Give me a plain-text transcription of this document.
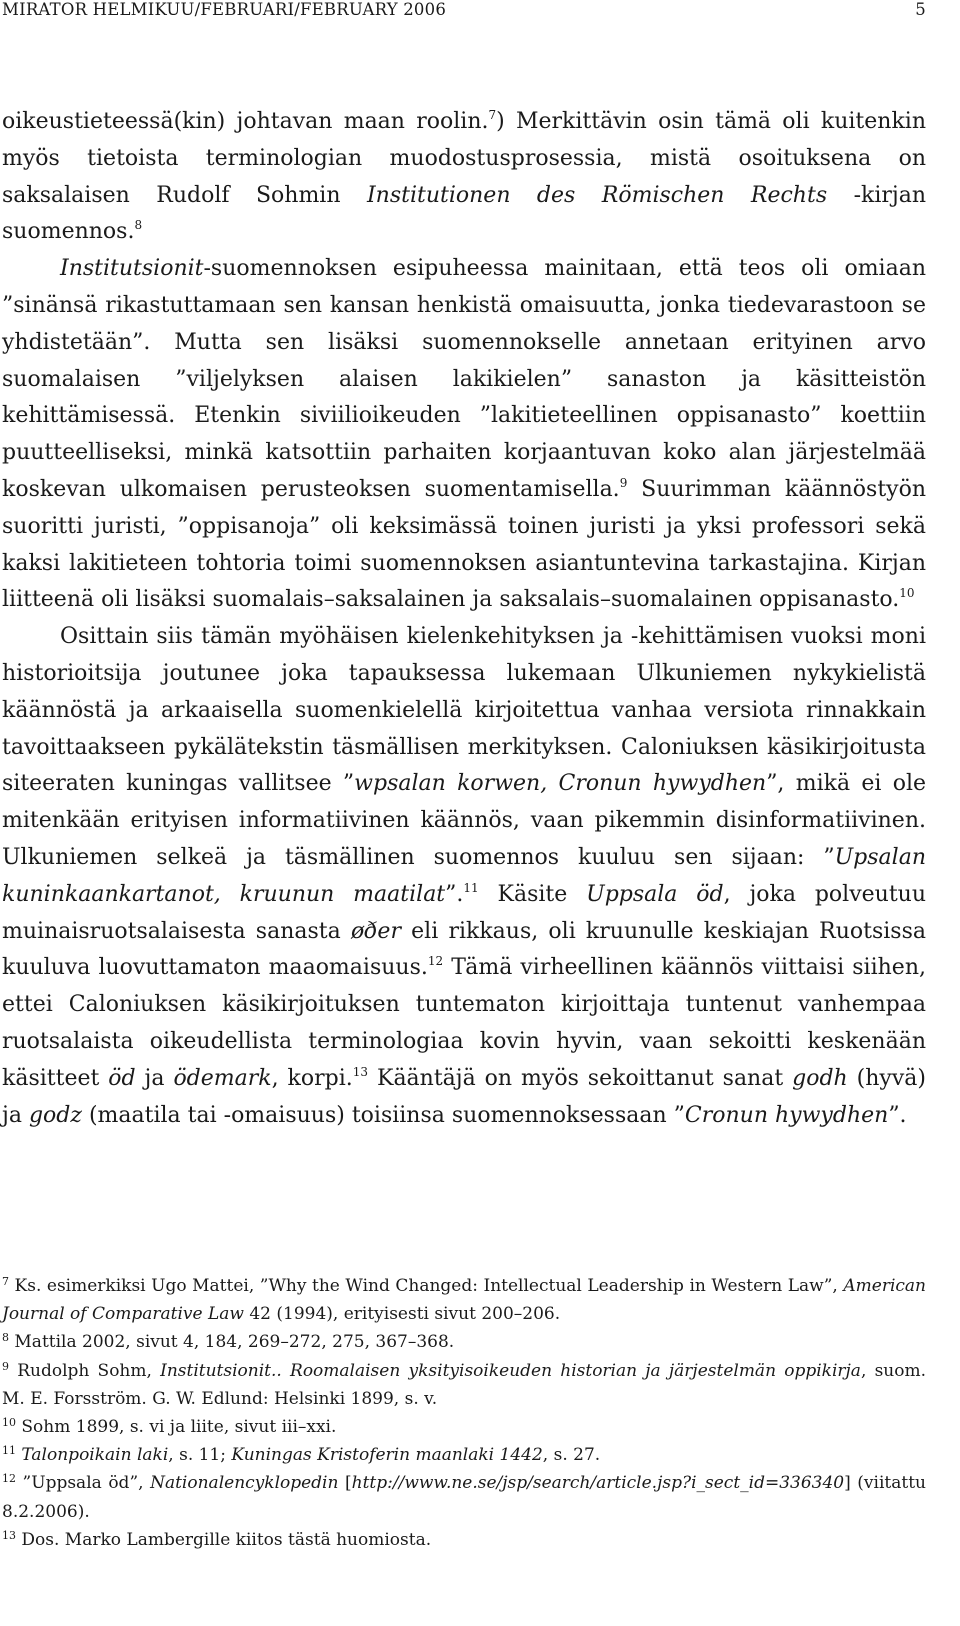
MIRATOR HELMIKUU/FEBRUARI/FEBRUARY 2006	5

oikeustieteessä(kin) johtavan maan roolin.$^7$) Merkittävin osin tämä oli kuitenkin myös tietoista terminologian muodostusprosessia, mistä osoituksena on saksalaisen Rudolf Sohmin Institutionen des Römischen Rechts -kirjan suomennos.$^8$

Institutsionit-suomennoksen esipuheessa mainitaan, että teos oli omiaan ”sinänsä rikastuttamaan sen kansan henkistä omaisuutta, jonka tiedevarastoon se yhdistetään”. Mutta sen lisäksi suomennokselle annetaan erityinen arvo suomalaisen ”viljelyksen alaisen lakikielen” sanaston ja käsitteistön kehittämisessä. Etenkin siviilioikeuden ”lakitieteellinen oppisanasto” koettiin puutteelliseksi, minkä katsottiin parhaiten korjaantuvan koko alan järjestelmää koskevan ulkomaisen perusteoksen suomentamisella.$^9$ Suurimman käännöstyön suoritti juristi, ”oppisanoja” oli keksimässä toinen juristi ja yksi professori sekä kaksi lakitieteen tohtoria toimi suomennoksen asiantuntevina tarkastajina. Kirjan liitteenä oli lisäksi suomalais–saksalainen ja saksalais–suomalainen oppisanasto.$^{10}$

Osittain siis tämän myöhäisen kielenkehityksen ja -kehittämisen vuoksi moni historioitsija joutunee joka tapauksessa lukemaan Ulkuniemen nykykielistä käännöstä ja arkaaisella suomenkielellä kirjoitettua vanhaa versiota rinnakkain tavoittaakseen pykälätekstin täsmällisen merkityksen. Caloniuksen käsikirjoitusta siteeraten kuningas vallitsee ”wpsalan korwen, Cronun hywydhen”, mikä ei ole mitenkään erityisen informatiivinen käännös, vaan pikemmin disinformatiivinen. Ulkuniemen selkeä ja täsmällinen suomennos kuuluu sen sijaan: ”Upsalan kuninkaankartanot, kruunun maatilat”.$^{11}$ Käsite Uppsala öd, joka polveutuu muinaisruotsalaisesta sanasta øðer eli rikkaus, oli kruunulle keskiajan Ruotsissa kuuluva luovuttamaton maaomaisuus.$^{12}$ Tämä virheellinen käännös viittaisi siihen, ettei Caloniuksen käsikirjoituksen tuntematon kirjoittaja tuntenut vanhempaa ruotsalaista oikeudellista terminologiaa kovin hyvin, vaan sekoitti keskenään käsitteet öd ja ödemark, korpi.$^{13}$ Kääntäjä on myös sekoittanut sanat godh (hyvä) ja godz (maatila tai -omaisuus) toisiinsa suomennoksessaan ”Cronun hywydhen”.

$^7$ Ks. esimerkiksi Ugo Mattei, ”Why the Wind Changed: Intellectual Leadership in Western Law”, American Journal of Comparative Law 42 (1994), erityisesti sivut 200–206.

$^8$ Mattila 2002, sivut 4, 184, 269–272, 275, 367–368.

$^9$ Rudolph Sohm, Institutsionit.. Roomalaisen yksityisoikeuden historian ja järjestelmän oppikirja, suom. M. E. Forsström. G. W. Edlund: Helsinki 1899, s. v.

$^{10}$ Sohm 1899, s. vi ja liite, sivut iii–xxi.

$^{11}$ Talonpoikain laki, s. 11; Kuningas Kristoferin maanlaki 1442, s. 27.

$^{12}$ ”Uppsala öd”, Nationalencyklopedin [http://www.ne.se/jsp/search/article.jsp?i_sect_id=336340] (viitattu 8.2.2006).

$^{13}$ Dos. Marko Lambergille kiitos tästä huomiosta.
